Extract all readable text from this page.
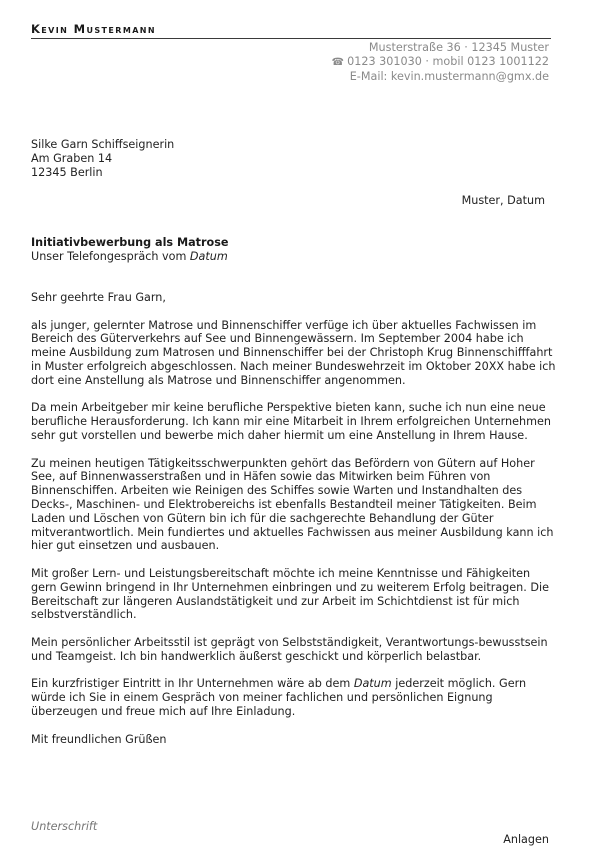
Kevin Mustermann
Musterstraße 36 · 12345 Muster
☎ 0123 301030 · mobil 0123 1001122
E-Mail: kevin.mustermann@gmx.de
Silke Garn Schiffseignerin
Am Graben 14
12345 Berlin
Muster, Datum
Initiativbewerbung als Matrose
Unser Telefongespräch vom Datum

Sehr geehrte Frau Garn,

als junger, gelernter Matrose und Binnenschiffer verfüge ich über aktuelles Fachwissen im Bereich des Güterverkehrs auf See und Binnengewässern. Im September 2004 habe ich meine Ausbildung zum Matrosen und Binnenschiffer bei der Christoph Krug Binnenschifffahrt in Muster erfolgreich abgeschlossen. Nach meiner Bundeswehrzeit im Oktober 20XX habe ich dort eine Anstellung als Matrose und Binnenschiffer angenommen.

Da mein Arbeitgeber mir keine berufliche Perspektive bieten kann, suche ich nun eine neue berufliche Herausforderung. Ich kann mir eine Mitarbeit in Ihrem erfolgreichen Unternehmen sehr gut vorstellen und bewerbe mich daher hiermit um eine Anstellung in Ihrem Hause.

Zu meinen heutigen Tätigkeitsschwerpunkten gehört das Befördern von Gütern auf Hoher See, auf Binnenwasserstraßen und in Häfen sowie das Mitwirken beim Führen von Binnenschiffen. Arbeiten wie Reinigen des Schiffes sowie Warten und Instandhalten des Decks-, Maschinen- und Elektrobereichs ist ebenfalls Bestandteil meiner Tätigkeiten. Beim Laden und Löschen von Gütern bin ich für die sachgerechte Behandlung der Güter mitverantwortlich. Mein fundiertes und aktuelles Fachwissen aus meiner Ausbildung kann ich hier gut einsetzen und ausbauen.

Mit großer Lern- und Leistungsbereitschaft möchte ich meine Kenntnisse und Fähigkeiten gern Gewinn bringend in Ihr Unternehmen einbringen und zu weiterem Erfolg beitragen. Die Bereitschaft zur längeren Auslandstätigkeit und zur Arbeit im Schichtdienst ist für mich selbstverständlich.

Mein persönlicher Arbeitsstil ist geprägt von Selbstständigkeit, Verantwortungs-bewusstsein und Teamgeist. Ich bin handwerklich äußerst geschickt und körperlich belastbar.

Ein kurzfristiger Eintritt in Ihr Unternehmen wäre ab dem Datum jederzeit möglich. Gern würde ich Sie in einem Gespräch von meiner fachlichen und persönlichen Eignung überzeugen und freue mich auf Ihre Einladung.

Mit freundlichen Grüßen

Unterschrift
Anlagen
